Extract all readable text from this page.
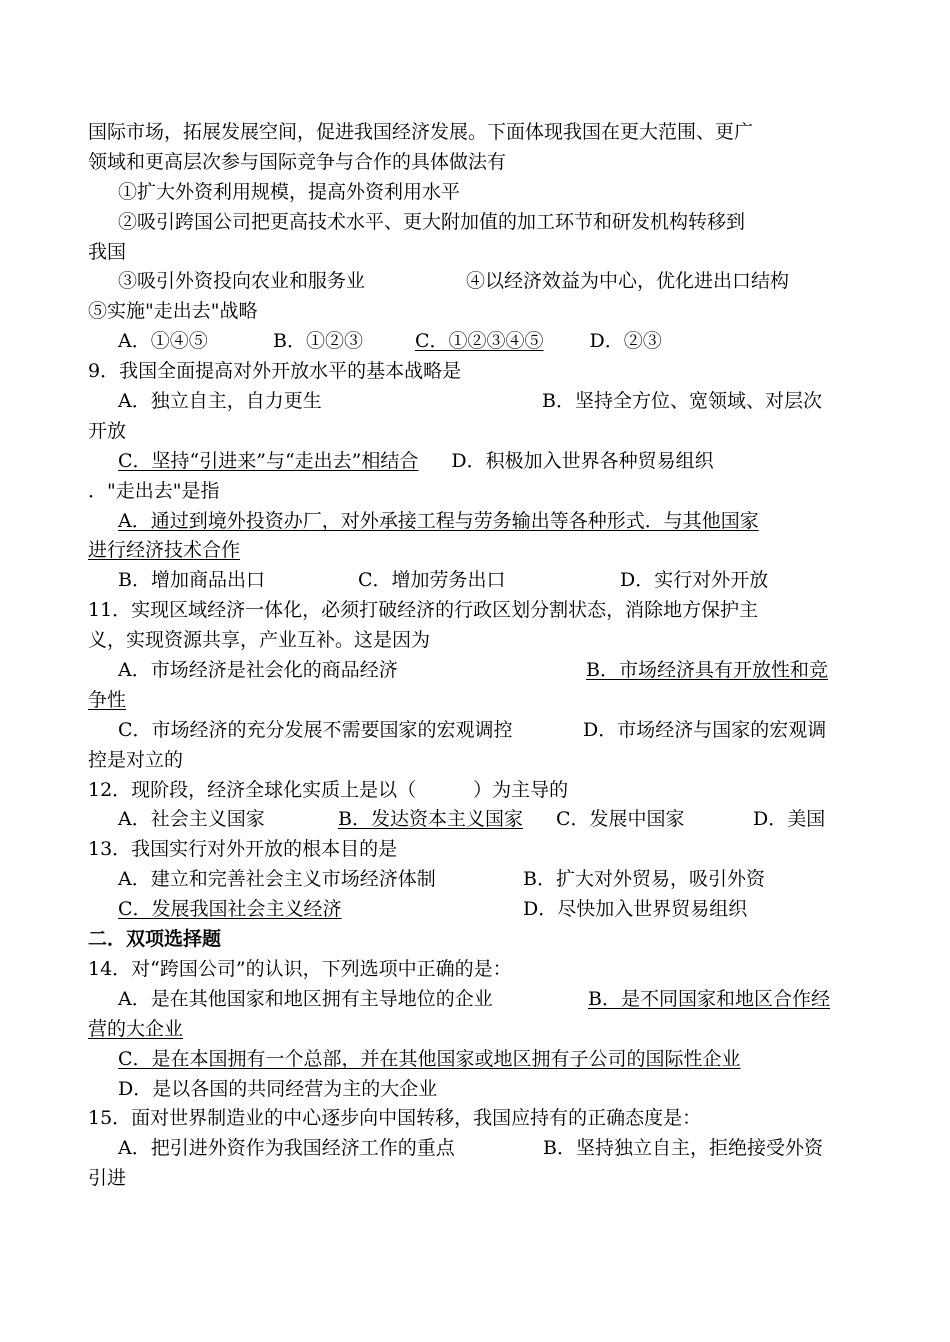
国际市场，拓展发展空间，促进我国经济发展。下面体现我国在更大范围、更广
领域和更高层次参与国际竞争与合作的具体做法有
①扩大外资利用规模，提高外资利用水平
②吸引跨国公司把更高技术水平、更大附加值的加工环节和研发机构转移到
我国
③吸引外资投向农业和服务业	④以经济效益为中心，优化进出口结构
⑤实施"走出去"战略
A．①④⑤	B．①②③	C．①②③④⑤ D．②③
9．我国全面提高对外开放水平的基本战略是
A．独立自主，自力更生	B．坚持全方位、宽领域、对层次
开放
C．坚持“引进来”与“走出去”相结合 D．积极加入世界各种贸易组织
．"走出去"是指
A．通过到境外投资办厂，对外承接工程与劳务输出等各种形式．与其他国家
进行经济技术合作
B．增加商品出口	C．增加劳务出口	D．实行对外开放
11．实现区域经济一体化，必须打破经济的行政区划分割状态，消除地方保护主
义，实现资源共享，产业互补。这是因为
A．市场经济是社会化的商品经济	B．市场经济具有开放性和竞
争性
C．市场经济的充分发展不需要国家的宏观调控	D．市场经济与国家的宏观调
控是对立的
12．现阶段，经济全球化实质上是以（　　　）为主导的
A．社会主义国家	B．发达资本主义国家 C．发展中国家	D．美国
13．我国实行对外开放的根本目的是
A．建立和完善社会主义市场经济体制	B．扩大对外贸易，吸引外资
C．发展我国社会主义经济	D．尽快加入世界贸易组织
二．双项选择题
14．对“跨国公司”的认识，下列选项中正确的是：
A．是在其他国家和地区拥有主导地位的企业	B．是不同国家和地区合作经
营的大企业
C．是在本国拥有一个总部，并在其他国家或地区拥有子公司的国际性企业
D．是以各国的共同经营为主的大企业
15．面对世界制造业的中心逐步向中国转移，我国应持有的正确态度是：
A．把引进外资作为我国经济工作的重点	B．坚持独立自主，拒绝接受外资
引进
